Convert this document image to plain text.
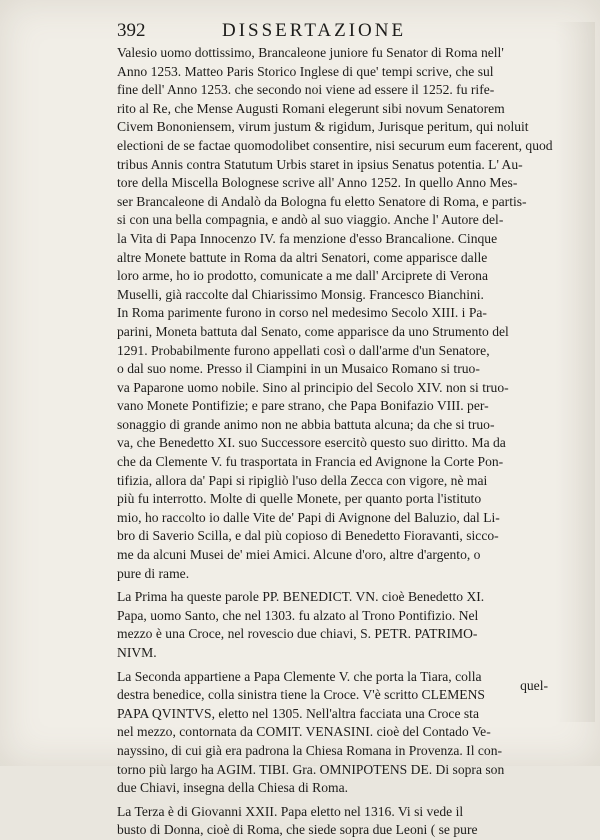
392	DISSERTAZIONE
Valesio uomo dottissimo, Brancaleone juniore fu Senator di Roma nell'
Anno 1253. Matteo Paris Storico Inglese di que' tempi scrive, che sul
fine dell' Anno 1253. che secondo noi viene ad essere il 1252. fu rife-
rito al Re, che Mense Augusti Romani elegerunt sibi novum Senatorem
Civem Bononiensem, virum justum & rigidum, Jurisque peritum, qui noluit
electioni de se factae quomodolibet consentire, nisi securum eum facerent, quod
tribus Annis contra Statutum Urbis staret in ipsius Senatus potentia. L' Au-
tore della Miscella Bolognese scrive all' Anno 1252. In quello Anno Mes-
ser Brancaleone di Andalò da Bologna fu eletto Senatore di Roma, e partis-
si con una bella compagnia, e andò al suo viaggio. Anche l' Autore del-
la Vita di Papa Innocenzo IV. fa menzione d'esso Brancalione. Cinque
altre Monete battute in Roma da altri Senatori, come apparisce dalle
loro arme, ho io prodotto, comunicate a me dall' Arciprete di Verona
Muselli, già raccolte dal Chiarissimo Monsig. Francesco Bianchini.
In Roma parimente furono in corso nel medesimo Secolo XIII. i Pa-
parini, Moneta battuta dal Senato, come apparisce da uno Strumento del
1291. Probabilmente furono appellati così o dall'arme d'un Senatore,
o dal suo nome. Presso il Ciampini in un Musaico Romano si truo-
va Paparone uomo nobile. Sino al principio del Secolo XIV. non si truo-
vano Monete Pontifizie; e pare strano, che Papa Bonifazio VIII. per-
sonaggio di grande animo non ne abbia battuta alcuna; da che si truo-
va, che Benedetto XI. suo Successore esercitò questo suo diritto. Ma da
che da Clemente V. fu trasportata in Francia ed Avignone la Corte Pon-
tifizia, allora da' Papi si ripigliò l'uso della Zecca con vigore, nè mai
più fu interrotto. Molte di quelle Monete, per quanto porta l'istituto
mio, ho raccolto io dalle Vite de' Papi di Avignone del Baluzio, dal Li-
bro di Saverio Scilla, e dal più copioso di Benedetto Fioravanti, sicco-
me da alcuni Musei de' miei Amici. Alcune d'oro, altre d'argento, o
pure di rame.
La Prima ha queste parole PP. BENEDICT. VN. cioè Benedetto XI.
Papa, uomo Santo, che nel 1303. fu alzato al Trono Pontifizio. Nel
mezzo è una Croce, nel rovescio due chiavi, S. PETR. PATRIMO-
NIVM.
La Seconda appartiene a Papa Clemente V. che porta la Tiara, colla
destra benedice, colla sinistra tiene la Croce. V'è scritto CLEMENS
PAPA QVINTVS, eletto nel 1305. Nell'altra facciata una Croce sta
nel mezzo, contornata da COMIT. VENASINI. cioè del Contado Ve-
nayssino, di cui già era padrona la Chiesa Romana in Provenza. Il con-
torno più largo ha AGIM. TIBI. Gra. OMNIPOTENS DE. Di sopra son
due Chiavi, insegna della Chiesa di Roma.
La Terza è di Giovanni XXII. Papa eletto nel 1316. Vi si vede il
busto di Donna, cioè di Roma, che siede sopra due Leoni ( se pure
quel-
